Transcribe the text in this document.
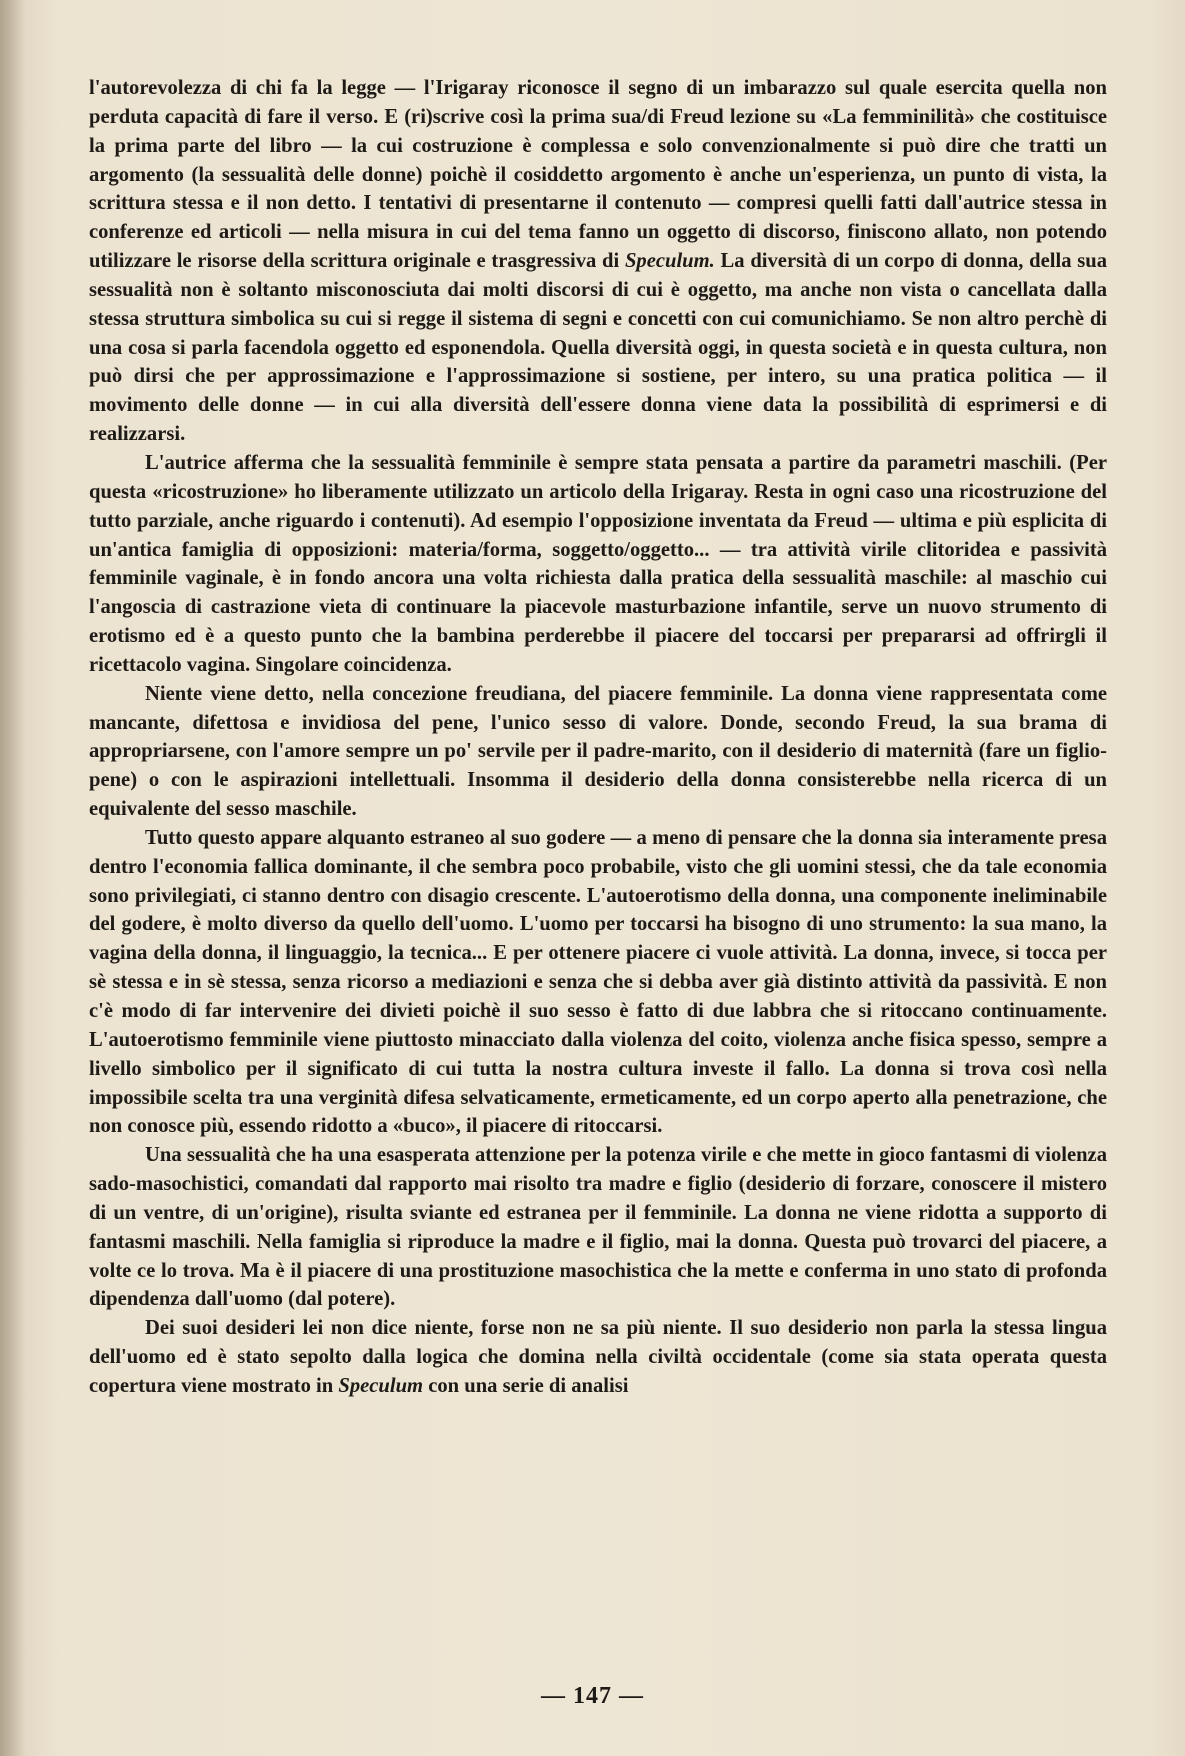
l'autorevolezza di chi fa la legge — l'Irigaray riconosce il segno di un imbarazzo sul quale esercita quella non perduta capacità di fare il verso. E (ri)scrive così la prima sua/di Freud lezione su «La femminilità» che costituisce la prima parte del libro — la cui costruzione è complessa e solo convenzionalmente si può dire che tratti un argomento (la sessualità delle donne) poichè il cosiddetto argomento è anche un'esperienza, un punto di vista, la scrittura stessa e il non detto. I tentativi di presentarne il contenuto — compresi quelli fatti dall'autrice stessa in conferenze ed articoli — nella misura in cui del tema fanno un oggetto di discorso, finiscono allato, non potendo utilizzare le risorse della scrittura originale e trasgressiva di Speculum. La diversità di un corpo di donna, della sua sessualità non è soltanto misconosciuta dai molti discorsi di cui è oggetto, ma anche non vista o cancellata dalla stessa struttura simbolica su cui si regge il sistema di segni e concetti con cui comunichiamo. Se non altro perchè di una cosa si parla facendola oggetto ed esponendola. Quella diversità oggi, in questa società e in questa cultura, non può dirsi che per approssimazione e l'approssimazione si sostiene, per intero, su una pratica politica — il movimento delle donne — in cui alla diversità dell'essere donna viene data la possibilità di esprimersi e di realizzarsi.

L'autrice afferma che la sessualità femminile è sempre stata pensata a partire da parametri maschili. (Per questa «ricostruzione» ho liberamente utilizzato un articolo della Irigaray. Resta in ogni caso una ricostruzione del tutto parziale, anche riguardo i contenuti). Ad esempio l'opposizione inventata da Freud — ultima e più esplicita di un'antica famiglia di opposizioni: materia/forma, soggetto/oggetto... — tra attività virile clitoridea e passività femminile vaginale, è in fondo ancora una volta richiesta dalla pratica della sessualità maschile: al maschio cui l'angoscia di castrazione vieta di continuare la piacevole masturbazione infantile, serve un nuovo strumento di erotismo ed è a questo punto che la bambina perderebbe il piacere del toccarsi per prepararsi ad offrirgli il ricettacolo vagina. Singolare coincidenza.

Niente viene detto, nella concezione freudiana, del piacere femminile. La donna viene rappresentata come mancante, difettosa e invidiosa del pene, l'unico sesso di valore. Donde, secondo Freud, la sua brama di appropriarsene, con l'amore sempre un po' servile per il padre-marito, con il desiderio di maternità (fare un figlio-pene) o con le aspirazioni intellettuali. Insomma il desiderio della donna consisterebbe nella ricerca di un equivalente del sesso maschile.

Tutto questo appare alquanto estraneo al suo godere — a meno di pensare che la donna sia interamente presa dentro l'economia fallica dominante, il che sembra poco probabile, visto che gli uomini stessi, che da tale economia sono privilegiati, ci stanno dentro con disagio crescente. L'autoerotismo della donna, una componente ineliminabile del godere, è molto diverso da quello dell'uomo. L'uomo per toccarsi ha bisogno di uno strumento: la sua mano, la vagina della donna, il linguaggio, la tecnica... E per ottenere piacere ci vuole attività. La donna, invece, si tocca per sè stessa e in sè stessa, senza ricorso a mediazioni e senza che si debba aver già distinto attività da passività. E non c'è modo di far intervenire dei divieti poichè il suo sesso è fatto di due labbra che si ritoccano continuamente. L'autoerotismo femminile viene piuttosto minacciato dalla violenza del coito, violenza anche fisica spesso, sempre a livello simbolico per il significato di cui tutta la nostra cultura investe il fallo. La donna si trova così nella impossibile scelta tra una verginità difesa selvaticamente, ermeticamente, ed un corpo aperto alla penetrazione, che non conosce più, essendo ridotto a «buco», il piacere di ritoccarsi.

Una sessualità che ha una esasperata attenzione per la potenza virile e che mette in gioco fantasmi di violenza sado-masochistici, comandati dal rapporto mai risolto tra madre e figlio (desiderio di forzare, conoscere il mistero di un ventre, di un'origine), risulta sviante ed estranea per il femminile. La donna ne viene ridotta a supporto di fantasmi maschili. Nella famiglia si riproduce la madre e il figlio, mai la donna. Questa può trovarci del piacere, a volte ce lo trova. Ma è il piacere di una prostituzione masochistica che la mette e conferma in uno stato di profonda dipendenza dall'uomo (dal potere).

Dei suoi desideri lei non dice niente, forse non ne sa più niente. Il suo desiderio non parla la stessa lingua dell'uomo ed è stato sepolto dalla logica che domina nella civiltà occidentale (come sia stata operata questa copertura viene mostrato in Speculum con una serie di analisi

— 147 —
